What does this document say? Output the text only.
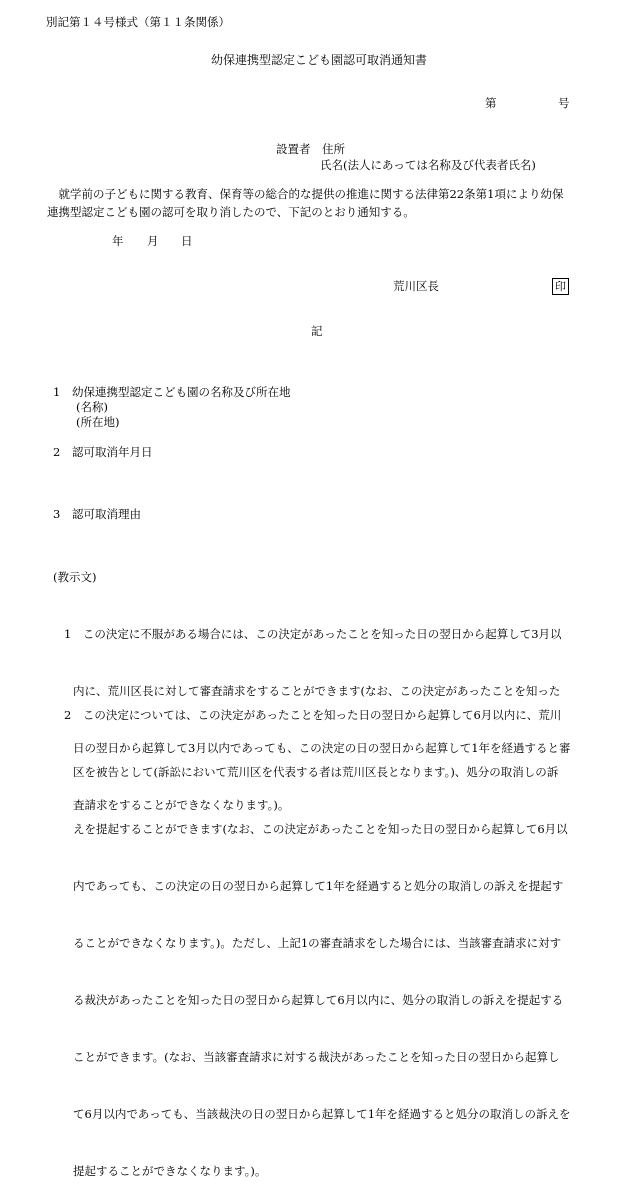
別記第１４号様式（第１１条関係）
幼保連携型認定こども園認可取消通知書
第	号
設置者 住所
氏名(法人にあっては名称及び代表者氏名)
　就学前の子どもに関する教育、保育等の総合的な提供の推進に関する法律第22条第1項により幼保
連携型認定こども園の認可を取り消したので、下記のとおり通知する。
年 月 日
荒川区長	印
記
1 幼保連携型認定こども園の名称及び所在地
(名称)
(所在地)
2 認可取消年月日
3 認可取消理由
(教示文)

1　この決定に不服がある場合には、この決定があったことを知った日の翌日から起算して3月以

内に、荒川区長に対して審査請求をすることができます(なお、この決定があったことを知った

日の翌日から起算して3月以内であっても、この決定の日の翌日から起算して1年を経過すると審

査請求をすることができなくなります。)。

2　この決定については、この決定があったことを知った日の翌日から起算して6月以内に、荒川

区を被告として(訴訟において荒川区を代表する者は荒川区長となります。)、処分の取消しの訴

えを提起することができます(なお、この決定があったことを知った日の翌日から起算して6月以

内であっても、この決定の日の翌日から起算して1年を経過すると処分の取消しの訴えを提起す

ることができなくなります。)。ただし、上記1の審査請求をした場合には、当該審査請求に対す

る裁決があったことを知った日の翌日から起算して6月以内に、処分の取消しの訴えを提起する

ことができます。(なお、当該審査請求に対する裁決があったことを知った日の翌日から起算し

て6月以内であっても、当該裁決の日の翌日から起算して1年を経過すると処分の取消しの訴えを

提起することができなくなります。)。
